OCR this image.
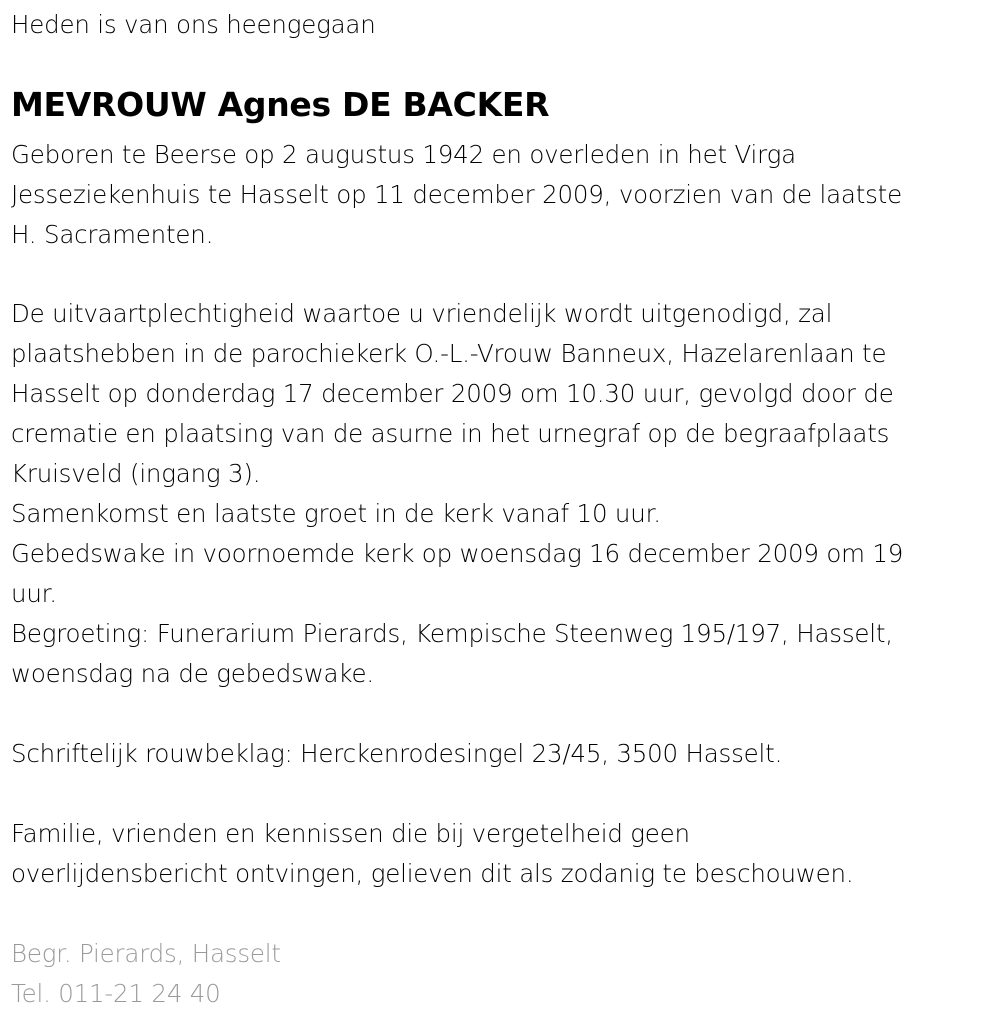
Heden is van ons heengegaan
MEVROUW Agnes DE BACKER
Geboren te Beerse op 2 augustus 1942 en overleden in het Virga
Jesseziekenhuis te Hasselt op 11 december 2009, voorzien van de laatste
H. Sacramenten.
De uitvaartplechtigheid waartoe u vriendelijk wordt uitgenodigd, zal
plaatshebben in de parochiekerk O.-L.-Vrouw Banneux, Hazelarenlaan te
Hasselt op donderdag 17 december 2009 om 10.30 uur, gevolgd door de
crematie en plaatsing van de asurne in het urnegraf op de begraafplaats
Kruisveld (ingang 3).
Samenkomst en laatste groet in de kerk vanaf 10 uur.
Gebedswake in voornoemde kerk op woensdag 16 december 2009 om 19
uur.
Begroeting: Funerarium Pierards, Kempische Steenweg 195/197, Hasselt,
woensdag na de gebedswake.
Schriftelijk rouwbeklag: Herckenrodesingel 23/45, 3500 Hasselt.
Familie, vrienden en kennissen die bij vergetelheid geen
overlijdensbericht ontvingen, gelieven dit als zodanig te beschouwen.
Begr. Pierards, Hasselt
Tel. 011-21 24 40
